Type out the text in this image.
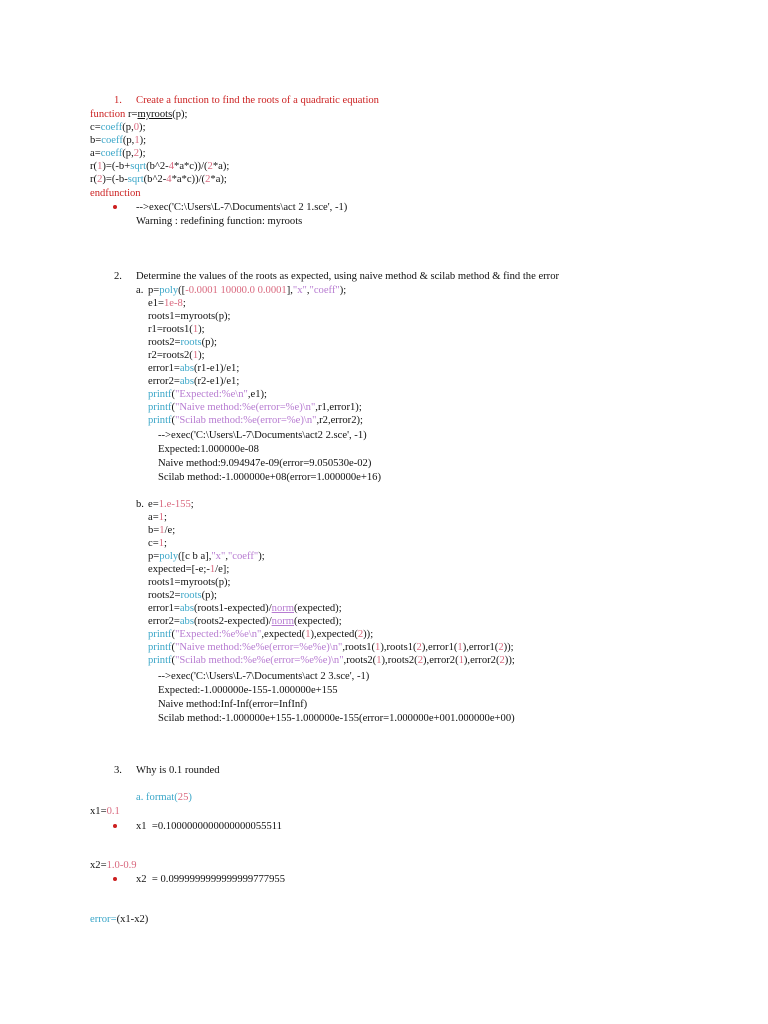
1. Create a function to find the roots of a quadratic equation
function r=myroots(p);
c=coeff(p,0);
b=coeff(p,1);
a=coeff(p,2);
r(1)=(-b+sqrt(b^2-4*a*c))/(2*a);
r(2)=(-b-sqrt(b^2-4*a*c))/(2*a);
endfunction
-->exec('C:\Users\L-7\Documents\act 2 1.sce', -1)
Warning : redefining function: myroots
2. Determine the values of the roots as expected, using naive method & scilab method & find the error
a. p=poly([-0.0001 10000.0 0.0001],"x","coeff");
e1=1e-8;
roots1=myroots(p);
r1=roots1(1);
roots2=roots(p);
r2=roots2(1);
error1=abs(r1-e1)/e1;
error2=abs(r2-e1)/e1;
printf("Expected:%e\n",e1);
printf("Naive method:%e(error=%e)\n",r1,error1);
printf("Scilab method:%e(error=%e)\n",r2,error2);
-->exec('C:\Users\L-7\Documents\act2 2.sce', -1)
Expected:1.000000e-08
Naive method:9.094947e-09(error=9.050530e-02)
Scilab method:-1.000000e+08(error=1.000000e+16)
b. e=1.e-155;
a=1;
b=1/e;
c=1;
p=poly([c b a],"x","coeff");
expected=[-e;-1/e];
roots1=myroots(p);
roots2=roots(p);
error1=abs(roots1-expected)/norm(expected);
error2=abs(roots2-expected)/norm(expected);
printf("Expected:%e%e\n",expected(1),expected(2));
printf("Naive method:%e%e(error=%e%e)\n",roots1(1),roots1(2),error1(1),error1(2));
printf("Scilab method:%e%e(error=%e%e)\n",roots2(1),roots2(2),error2(1),error2(2));
-->exec('C:\Users\L-7\Documents\act 2 3.sce', -1)
Expected:-1.000000e-155-1.000000e+155
Naive method:Inf-Inf(error=InfInf)
Scilab method:-1.000000e+155-1.000000e-155(error=1.000000e+001.000000e+00)
3. Why is 0.1 rounded
a. format(25)
x1=0.1
x1  =0.1000000000000000055511
x2=1.0-0.9
x2  = 0.0999999999999999777955
error=(x1-x2)
